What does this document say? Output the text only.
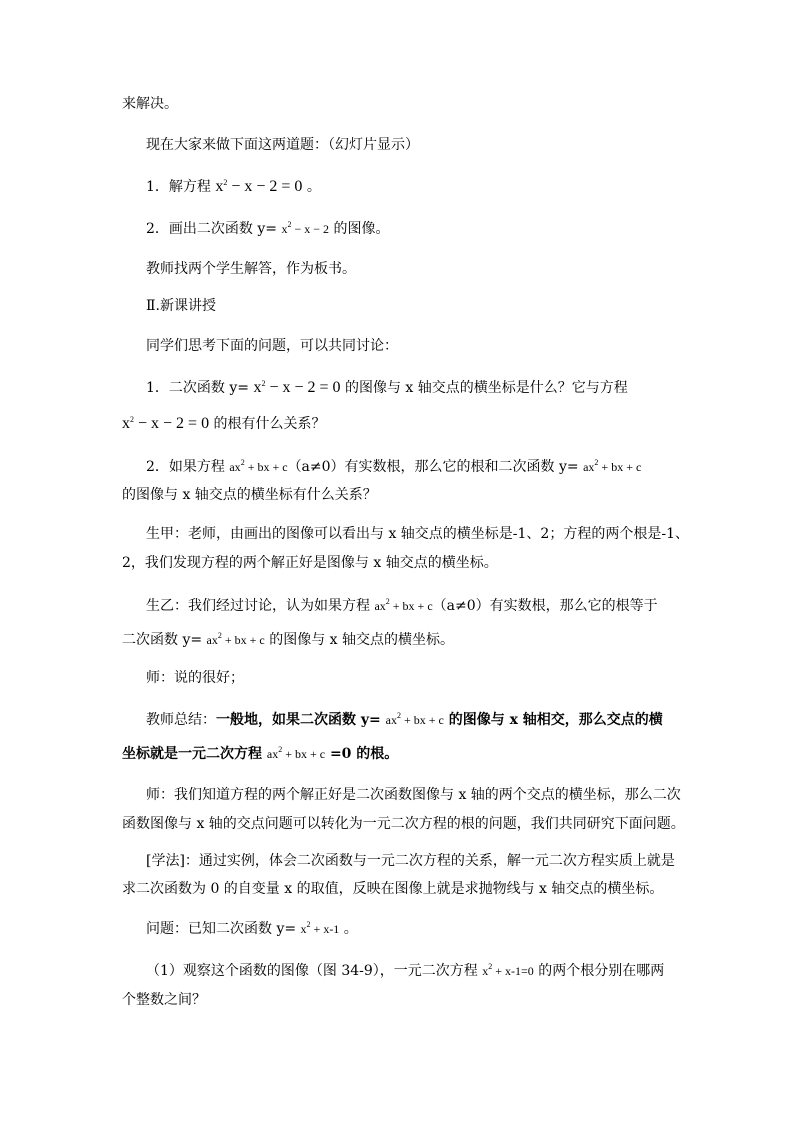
来解决。

现在大家来做下面这两道题：（幻灯片显示）

1．解方程 $x^2 - x - 2 = 0$ 。

2．画出二次函数 $y= x^2 - x - 2$ 的图像。

教师找两个学生解答，作为板书。

Ⅱ.新课讲授

同学们思考下面的问题，可以共同讨论：

1．二次函数 $y= x^2 - x - 2 = 0$ 的图像与 x 轴交点的横坐标是什么？它与方程

$x^2 - x - 2 = 0$ 的根有什么关系？

2．如果方程 $ax^2$ + bx + c（a≠0）有实数根，那么它的根和二次函数 $y= ax^2$ + bx + c

的图像与 x 轴交点的横坐标有什么关系？

生甲：老师，由画出的图像可以看出与 x 轴交点的横坐标是-1、2；方程的两个根是-1、

2，我们发现方程的两个解正好是图像与 x 轴交点的横坐标。

生乙：我们经过讨论，认为如果方程 $ax^2$ + bx + c（a≠0）有实数根，那么它的根等于

二次函数 $y= ax^2$ + bx + c 的图像与 x 轴交点的横坐标。

师：说的很好；

教师总结：一般地，如果二次函数 $y= ax^2$ + bx + c 的图像与 x 轴相交，那么交点的横

坐标就是一元二次方程 $ax^2$ + bx + c =0 的根。

师：我们知道方程的两个解正好是二次函数图像与 x 轴的两个交点的横坐标，那么二次

函数图像与 x 轴的交点问题可以转化为一元二次方程的根的问题，我们共同研究下面问题。

[学法]：通过实例，体会二次函数与一元二次方程的关系，解一元二次方程实质上就是

求二次函数为 0 的自变量 x 的取值，反映在图像上就是求抛物线与 x 轴交点的横坐标。

问题：已知二次函数 $y= x^2 + x-1$ 。

（1）观察这个函数的图像（图 34-9），一元二次方程 $x^2 + x-1=0$ 的两个根分别在哪两

个整数之间？
